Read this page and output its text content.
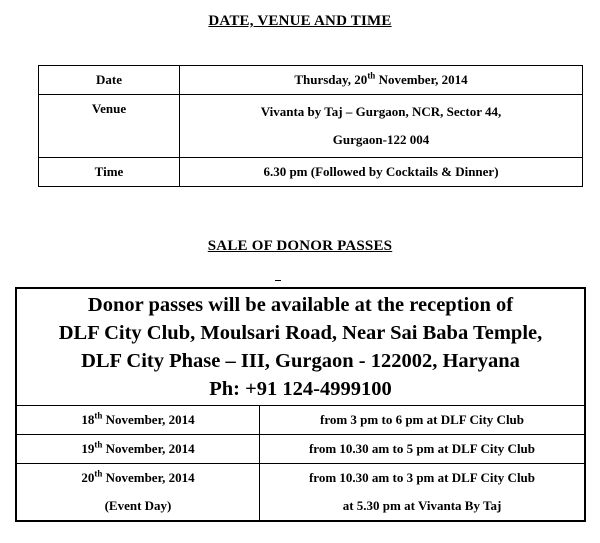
DATE, VENUE AND TIME
Date	Thursday, 20th November, 2014
Venue	Vivanta by Taj – Gurgaon, NCR, Sector 44,
Gurgaon-122 004

Time	6.30 pm (Followed by Cocktails & Dinner)
SALE OF DONOR PASSES
Donor passes will be available at the reception of
DLF City Club, Moulsari Road, Near Sai Baba Temple,
DLF City Phase – III, Gurgaon - 122002, Haryana
Ph: +91 124-4999100	

18th November, 2014	from 3 pm to 6 pm at DLF City Club
19th November, 2014	from 10.30 am to 5 pm at DLF City Club

20th November, 2014
(Event Day)	from 10.30 am to 3 pm at DLF City Club
at 5.30 pm at Vivanta By Taj
